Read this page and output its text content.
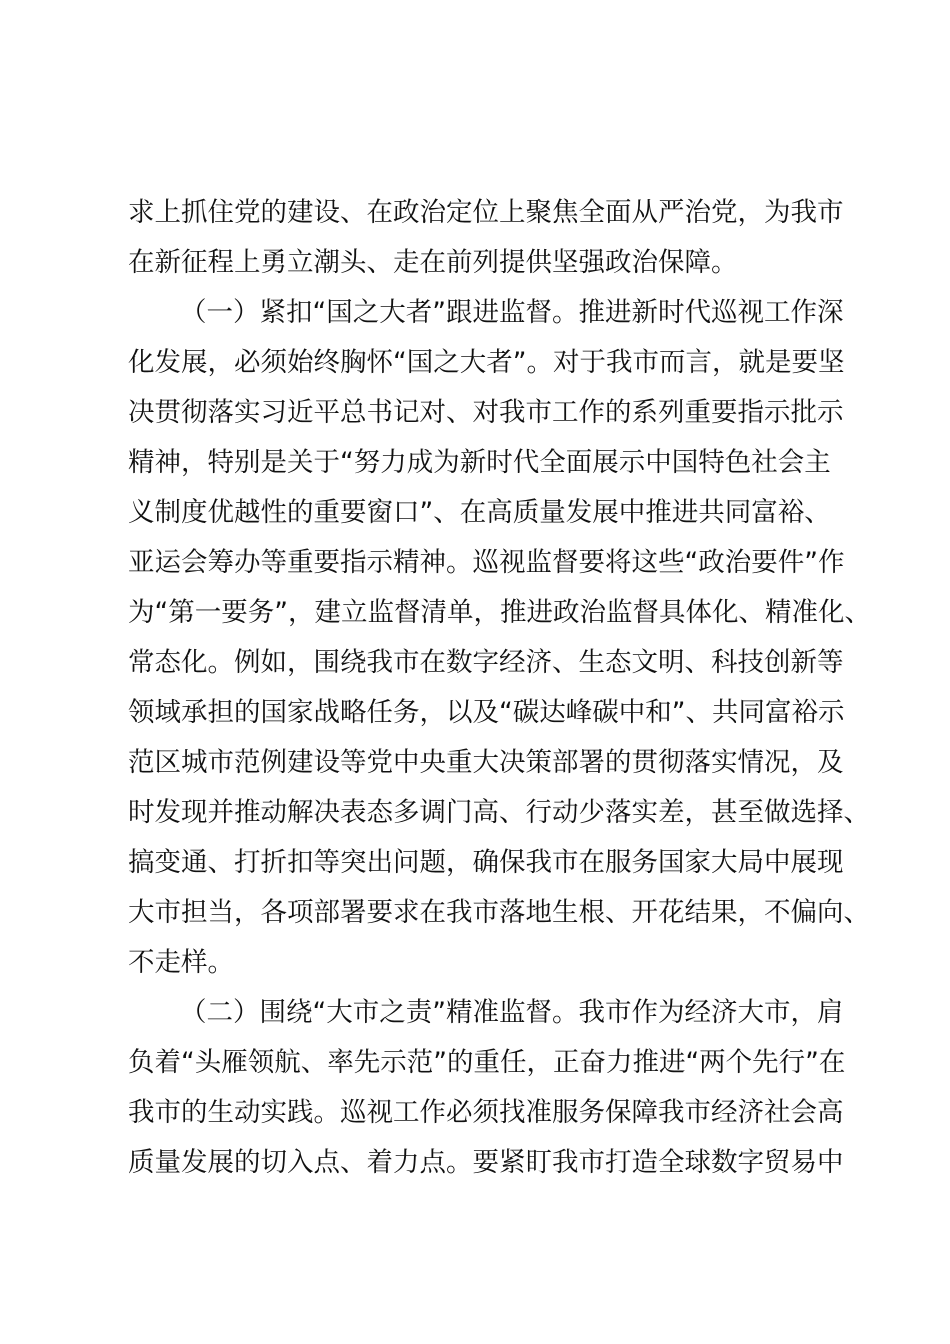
求上抓住党的建设、在政治定位上聚焦全面从严治党，为我市

在新征程上勇立潮头、走在前列提供坚强政治保障。

（一）紧扣“国之大者”跟进监督。推进新时代巡视工作深

化发展，必须始终胸怀“国之大者”。对于我市而言，就是要坚

决贯彻落实习近平总书记对、对我市工作的系列重要指示批示

精神，特别是关于“努力成为新时代全面展示中国特色社会主

义制度优越性的重要窗口”、在高质量发展中推进共同富裕、

亚运会筹办等重要指示精神。巡视监督要将这些“政治要件”作

为“第一要务”，建立监督清单，推进政治监督具体化、精准化、

常态化。例如，围绕我市在数字经济、生态文明、科技创新等

领域承担的国家战略任务，以及“碳达峰碳中和”、共同富裕示

范区城市范例建设等党中央重大决策部署的贯彻落实情况，及

时发现并推动解决表态多调门高、行动少落实差，甚至做选择、

搞变通、打折扣等突出问题，确保我市在服务国家大局中展现

大市担当，各项部署要求在我市落地生根、开花结果，不偏向、

不走样。

（二）围绕“大市之责”精准监督。我市作为经济大市，肩

负着“头雁领航、率先示范”的重任，正奋力推进“两个先行”在

我市的生动实践。巡视工作必须找准服务保障我市经济社会高

质量发展的切入点、着力点。要紧盯我市打造全球数字贸易中
